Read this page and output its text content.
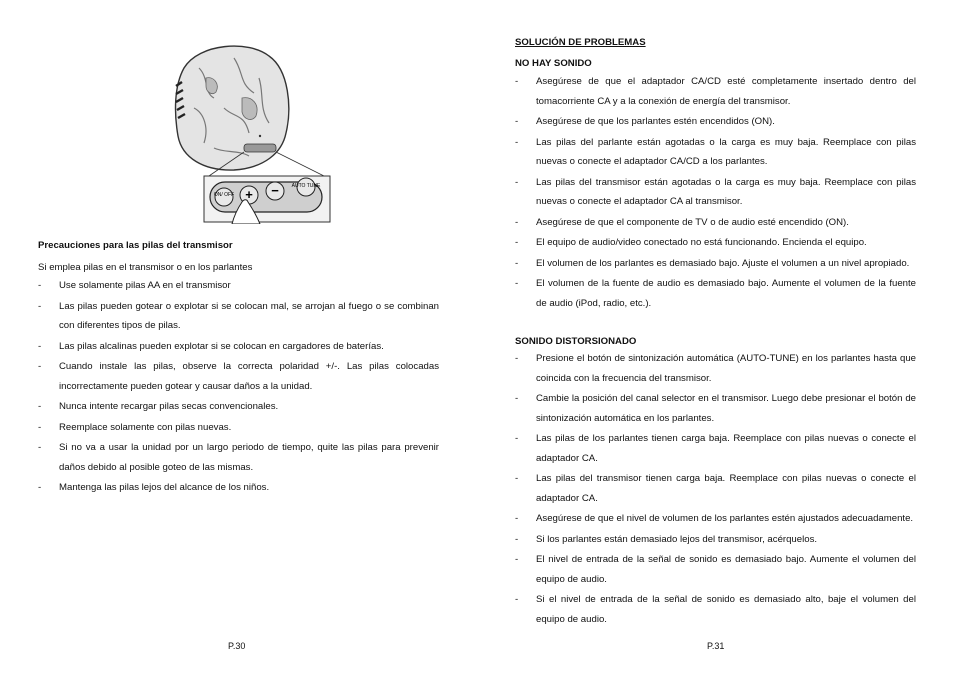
ON/ OFF + −	AUTO TUNE
Precauciones para las pilas del transmisor
Si emplea pilas en el transmisor o en los parlantes
- Use solamente pilas AA en el transmisor
- Las pilas pueden gotear o explotar si se colocan mal, se arrojan al fuego o se combinan con diferentes tipos de pilas.
- Las pilas alcalinas pueden explotar si se colocan en cargadores de baterías.
- Cuando instale las pilas, observe la correcta polaridad +/-. Las pilas colocadas incorrectamente pueden gotear y causar daños a la unidad.
- Nunca intente recargar pilas secas convencionales.
- Reemplace solamente con pilas nuevas.
- Si no va a usar la unidad por un largo periodo de tiempo, quite las pilas para prevenir daños debido al posible goteo de las mismas.
- Mantenga las pilas lejos del alcance de los niños.
P.30
SOLUCIÓN DE PROBLEMAS
NO HAY SONIDO
- Asegúrese de que el adaptador CA/CD esté completamente insertado dentro del tomacorriente CA y a la conexión de energía del transmisor.
- Asegúrese de que los parlantes estén encendidos (ON).
- Las pilas del parlante están agotadas o la carga es muy baja. Reemplace con pilas nuevas o conecte el adaptador CA/CD a los parlantes.
- Las pilas del transmisor están agotadas o la carga es muy baja. Reemplace con pilas nuevas o conecte el adaptador CA al transmisor.
- Asegúrese de que el componente de TV o de audio esté encendido (ON).
- El equipo de audio/video conectado no está funcionando. Encienda el equipo.
- El volumen de los parlantes es demasiado bajo. Ajuste el volumen a un nivel apropiado.
- El volumen de la fuente de audio es demasiado bajo. Aumente el volumen de la fuente de audio (iPod, radio, etc.).
SONIDO DISTORSIONADO
- Presione el botón de sintonización automática (AUTO-TUNE) en los parlantes hasta que coincida con la frecuencia del transmisor.
- Cambie la posición del canal selector en el transmisor. Luego debe presionar el botón de sintonización automática en los parlantes.
- Las pilas de los parlantes tienen carga baja. Reemplace con pilas nuevas o conecte el adaptador CA.
- Las pilas del transmisor tienen carga baja. Reemplace con pilas nuevas o conecte el adaptador CA.
- Asegúrese de que el nivel de volumen de los parlantes estén ajustados adecuadamente.
- Si los parlantes están demasiado lejos del transmisor, acérquelos.
- El nivel de entrada de la señal de sonido es demasiado bajo. Aumente el volumen del equipo de audio.
- Si el nivel de entrada de la señal de sonido es demasiado alto, baje el volumen del equipo de audio.
P.31
